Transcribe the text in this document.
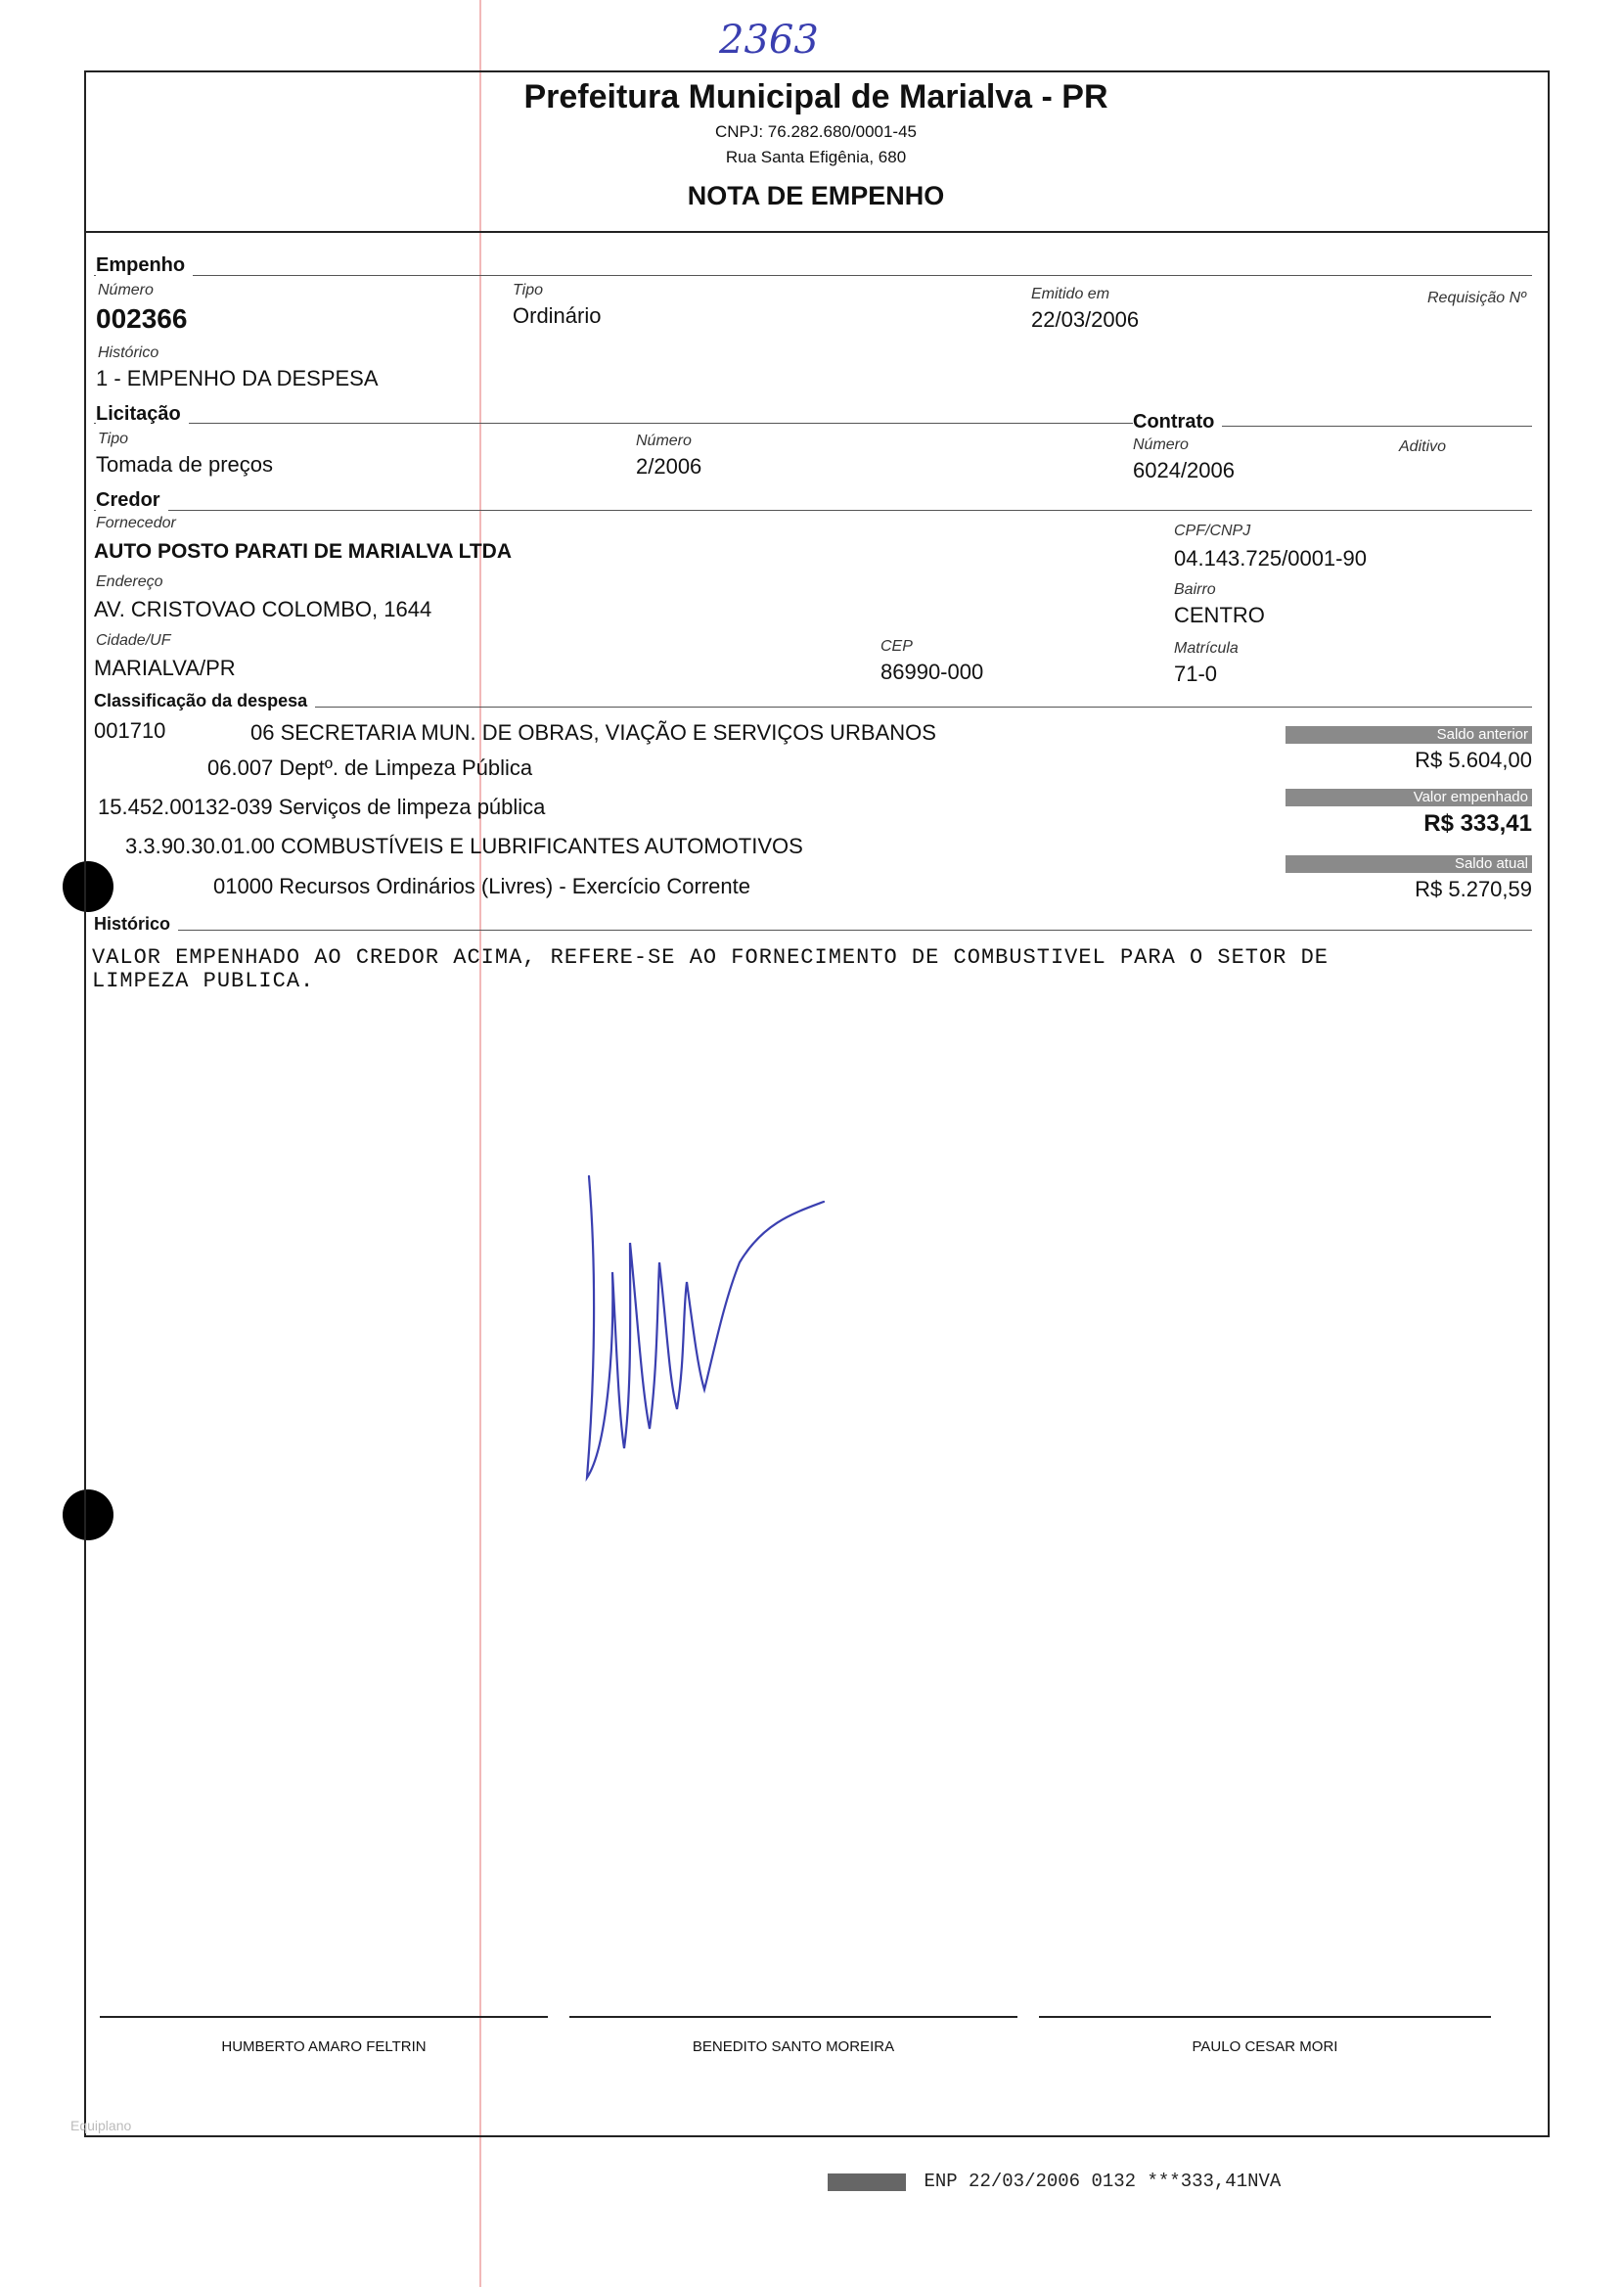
2363
Prefeitura Municipal de Marialva - PR
CNPJ: 76.282.680/0001-45
Rua Santa Efigênia, 680
NOTA DE EMPENHO
Empenho
Número
002366
Tipo
Ordinário
Emitido em
22/03/2006
Requisição Nº
Histórico
1 - EMPENHO DA DESPESA
Licitação
Tipo
Tomada de preços
Número
2/2006
Contrato
Número
6024/2006
Aditivo
Credor
Fornecedor
AUTO POSTO PARATI DE MARIALVA LTDA
CPF/CNPJ
04.143.725/0001-90
Endereço
AV. CRISTOVAO COLOMBO, 1644
Bairro
CENTRO
Cidade/UF
MARIALVA/PR
CEP
86990-000
Matrícula
71-0
Classificação da despesa
001710	06 SECRETARIA MUN. DE OBRAS, VIAÇÃO E SERVIÇOS URBANOS
06.007 Deptº. de Limpeza Pública
15.452.00132-039 Serviços de limpeza pública
3.3.90.30.01.00 COMBUSTÍVEIS E LUBRIFICANTES AUTOMOTIVOS
01000 Recursos Ordinários (Livres) - Exercício Corrente
Saldo anterior
R$ 5.604,00
Valor empenhado
R$ 333,41
Saldo atual
R$ 5.270,59
Histórico
VALOR EMPENHADO AO CREDOR ACIMA, REFERE-SE AO FORNECIMENTO DE COMBUSTIVEL PARA O SETOR DE
LIMPEZA PUBLICA.
HUMBERTO AMARO FELTRIN	BENEDITO SANTO MOREIRA	PAULO CESAR MORI
Equiplano
ENP 22/03/2006 0132 ***333,41NVA
